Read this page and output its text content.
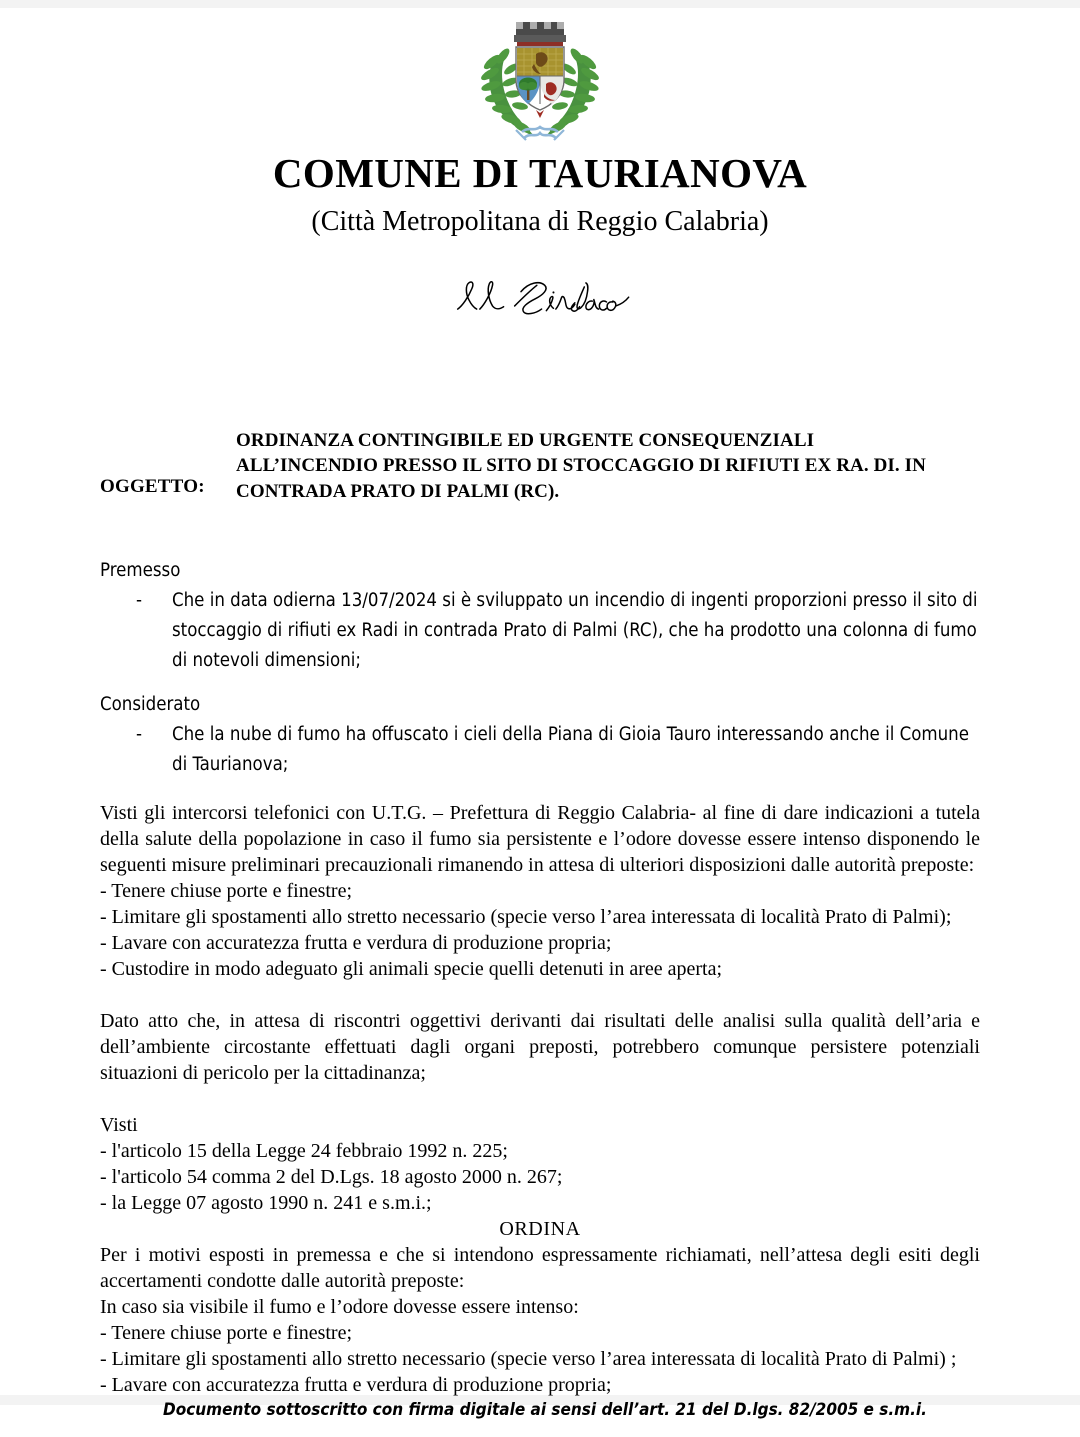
COMUNE DI TAURIANOVA
(Città Metropolitana di Reggio Calabria)
OGGETTO:
ORDINANZA CONTINGIBILE ED URGENTE CONSEQUENZIALI
ALL’INCENDIO PRESSO IL SITO DI STOCCAGGIO DI RIFIUTI EX RA. DI. IN
CONTRADA PRATO DI PALMI (RC).
Premesso
- Che in data odierna 13/07/2024 si è sviluppato un incendio di ingenti proporzioni presso il sito di stoccaggio di rifiuti ex Radi in contrada Prato di Palmi (RC), che ha prodotto una colonna di fumo di notevoli dimensioni;
Considerato
- Che la nube di fumo ha offuscato i cieli della Piana di Gioia Tauro interessando anche il Comune di Taurianova;

Visti gli intercorsi telefonici con U.T.G. – Prefettura di Reggio Calabria- al fine di dare indicazioni a tutela della salute della popolazione in caso il fumo sia persistente e l’odore dovesse essere intenso disponendo le seguenti misure preliminari precauzionali rimanendo in attesa di ulteriori disposizioni dalle autorità preposte:

- Tenere chiuse porte e finestre;

- Limitare gli spostamenti allo stretto necessario (specie verso l’area interessata di località Prato di Palmi);

- Lavare con accuratezza frutta e verdura di produzione propria;

- Custodire in modo adeguato gli animali specie quelli detenuti in aree aperta;

Dato atto che, in attesa di riscontri oggettivi derivanti dai risultati delle analisi sulla qualità dell’aria e dell’ambiente circostante effettuati dagli organi preposti, potrebbero comunque persistere potenziali situazioni di pericolo per la cittadinanza;

Visti

- l'articolo 15 della Legge 24 febbraio 1992 n. 225;

- l'articolo 54 comma 2 del D.Lgs. 18 agosto 2000 n. 267;

- la Legge 07 agosto 1990 n. 241 e s.m.i.;

ORDINA

Per i motivi esposti in premessa e che si intendono espressamente richiamati, nell’attesa degli esiti degli accertamenti condotte dalle autorità preposte:

In caso sia visibile il fumo e l’odore dovesse essere intenso:

- Tenere chiuse porte e finestre;

- Limitare gli spostamenti allo stretto necessario (specie verso l’area interessata di località Prato di Palmi) ;

- Lavare con accuratezza frutta e verdura di produzione propria;

Documento sottoscritto con firma digitale ai sensi dell’art. 21 del D.lgs. 82/2005 e s.m.i.
